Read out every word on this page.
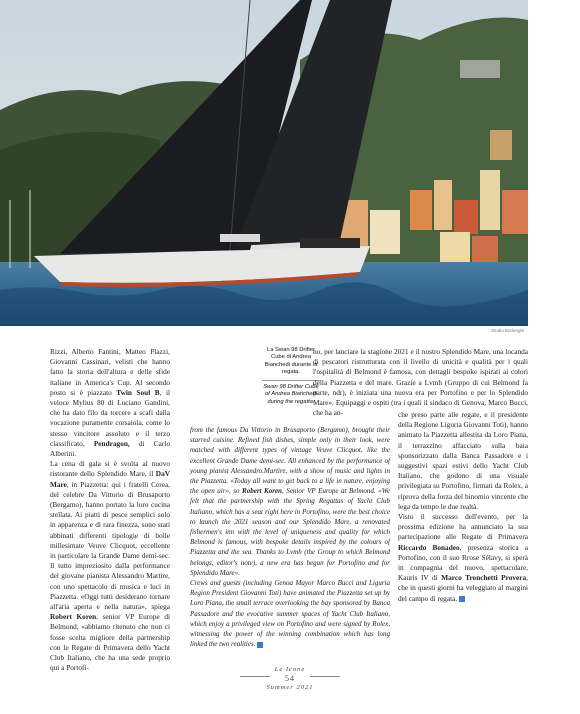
Studio Borlenghi

Rizzi, Alberto Fantini, Matteo Plazzi, Giovanni Cassinari, velisti che hanno fatto la storia dell'altura e delle sfide italiane in America's Cup. Al secondo posto si è piazzato Twin Soul B, il veloce Mylius 80 di Luciano Gandini, che ha dato filo da torcere a scafi dalla vocazione puramente corsaiola, come lo stesso vincitore assoluto e il terzo classificato, Pendragon, di Carlo Alberini.

La cena di gala si è svolta al nuovo ristorante dello Splendido Mare, il DaV Mare, in Piazzetta: qui i fratelli Cerea, del celebre Da Vittorio di Brusaporto (Bergamo), hanno portato la loro cucina stellata. Ai piatti di pesce semplici solo in apparenza e di rara finezza, sono stati abbinati differenti tipologie di bolle millesimate Veuve Clicquot, eccellente in particolare la Grande Dame demi-sec. Il tutto impreziosito dalla performance del giovane pianista Alessandro Martire, con uno spettacolo di musica e luci in Piazzetta. «Oggi tutti desiderano tornare all'aria aperta e nella natura», spiega Robert Koren, senior VP Europe di Belmond, «abbiamo ritenuto che non ci fosse scelta migliore della partnership con le Regate di Primavera dello Yacht Club Italiano, che ha una sede proprio qui a Portofi-

La Swan 98 Drifter Cube di Andrea Bianchedi durante la regata.
Swan 98 Drifter Cube of Andrea Bianchedi during the regatta.

no, per lanciare la stagione 2021 e il nostro Splendido Mare, una locanda di pescatori ristrutturata con il livello di unicità e qualità per i quali l'ospitalità di Belmond è famosa, con dettagli bespoke ispirati ai colori della Piazzetta e del mare. Grazie a Lvmh (Gruppo di cui Belmond fa parte, ndr), è iniziata una nuova era per Portofino e per lo Splendido Mare». Equipaggi e ospiti (tra i quali il sindaco di Genova, Marco Bucci, che ha an-

from the famous Da Vittorio in Brusaporto (Bergamo), brought their starred cuisine. Refined fish dishes, simple only in their look, were matched with different types of vintage Veuve Clicquot, like the excellent Grande Dame demi-sec. All enhanced by the performance of young pianist Alessandro.Martire, with a show of music and lights in the Piazzetta. «Today all want to get back to a life in nature, enjoying the open air», so Robert Koren, Senior VP Europe at Belmond. «We felt that the partnership with the Spring Regattas of Yacht Club Italiano, which has a seat right here in Portofino, were the best choice to launch the 2021 season and our Splendido Mare, a renovated fishermen's inn with the level of uniqueness and quality for which Belmond is famous, with bespoke details inspired by the colours of Piazzetta and the sea. Thanks to Lvmh (the Group to which Belmond belongs, editor's note), a new era has begun for Portofino and for Splendido Mare».

Crews and guests (including Genoa Mayor Marco Bucci and Liguria Region President Giovanni Toti) have animated the Piazzetta set up by Loro Piana, the small terrace overlooking the bay sponsored by Banca Passadore and the evocative summer spaces of Yacht Club Italiano, which enjoy a privileged view on Portofino and were signed by Rolex, witnessing the power of the winning combination which has long linked the two realities.

che preso parte alle regate, e il presidente della Regione Liguria Giovanni Toti), hanno animato la Piazzetta allestita da Loro Piana, il terrazzino affacciato sulla baia sponsorizzato dalla Banca Passadore e i suggestivi spazi estivi dello Yacht Club Italiano, che godono di una visuale privilegiata su Portofino, firmati da Rolex, a riprova della forza del binomio vincente che lega da tempo le due realtà.

Visto il successo dell'evento, per la prossima edizione ha annunciato la sua partecipazione alle Regate di Primavera Riccardo Bonadeo, presenza storica a Portofino, con il suo Rrose Sélavy, si sperà in compagnia del nuovo, spettacolare, Kauris IV di Marco Tronchetti Provera, che in questi giorni ha veleggiato al margini del campo di regata.

Le Icone
54
Summer 2021
